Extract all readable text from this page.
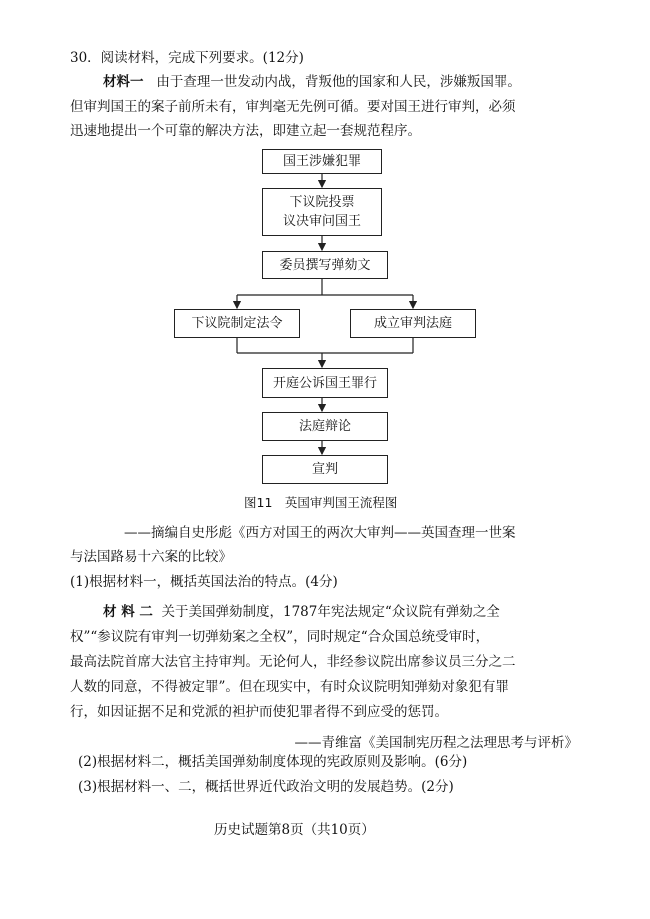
30．阅读材料，完成下列要求。(12分)
材料一 由于查理一世发动内战，背叛他的国家和人民，涉嫌叛国罪。
但审判国王的案子前所未有，审判毫无先例可循。要对国王进行审判，必须
迅速地提出一个可靠的解决方法，即建立起一套规范程序。
国王涉嫌犯罪
下议院投票
议决审问国王
委员撰写弹劾文
下议院制定法令	成立审判法庭
开庭公诉国王罪行
法庭辩论
宣判
图11　英国审判国王流程图
——摘编自史彤彪《西方对国王的两次大审判——英国查理一世案
与法国路易十六案的比较》
(1)根据材料一，概括英国法治的特点。(4分)
材 料 二 关于美国弹劾制度，1787年宪法规定“众议院有弹劾之全
权”“参议院有审判一切弹劾案之全权”，同时规定“合众国总统受审时，
最高法院首席大法官主持审判。无论何人，非经参议院出席参议员三分之二
人数的同意，不得被定罪”。但在现实中，有时众议院明知弹劾对象犯有罪
行，如因证据不足和党派的袒护而使犯罪者得不到应受的惩罚。
——青维富《美国制宪历程之法理思考与评析》
(2)根据材料二，概括美国弹劾制度体现的宪政原则及影响。(6分)
(3)根据材料一、二，概括世界近代政治文明的发展趋势。(2分)
历史试题第8页（共10页）
